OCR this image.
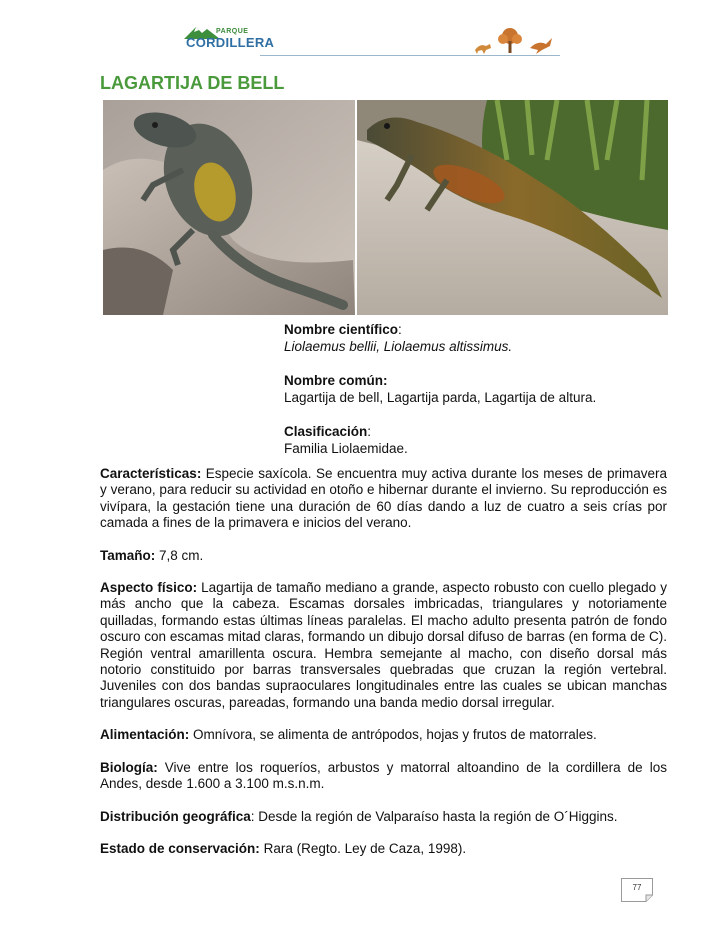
PARQUE
CORDILLERA
LAGARTIJA DE BELL
Nombre científico:
Liolaemus bellii, Liolaemus altissimus.
Nombre común:
Lagartija de bell, Lagartija parda, Lagartija de altura.
Clasificación:
Familia Liolaemidae.

Características: Especie saxícola. Se encuentra muy activa durante los meses de primavera y verano, para reducir su actividad en otoño e hibernar durante el invierno. Su reproducción es vivípara, la gestación tiene una duración de 60 días dando a luz de cuatro a seis crías por camada a fines de la primavera e inicios del verano.

Tamaño: 7,8 cm.

Aspecto físico: Lagartija de tamaño mediano a grande, aspecto robusto con cuello plegado y más ancho que la cabeza. Escamas dorsales imbricadas, triangulares y notoriamente quilladas, formando estas últimas líneas paralelas. El macho adulto presenta patrón de fondo oscuro con escamas mitad claras, formando un dibujo dorsal difuso de barras (en forma de C). Región ventral amarillenta oscura. Hembra semejante al macho, con diseño dorsal más notorio constituido por barras transversales quebradas que cruzan la región vertebral. Juveniles con dos bandas supraoculares longitudinales entre las cuales se ubican manchas triangulares oscuras, pareadas, formando una banda medio dorsal irregular.

Alimentación: Omnívora, se alimenta de antrópodos, hojas y frutos de matorrales.

Biología: Vive entre los roqueríos, arbustos y matorral altoandino de la cordillera de los Andes, desde 1.600 a 3.100 m.s.n.m.

Distribución geográfica: Desde la región de Valparaíso hasta la región de O´Higgins.

Estado de conservación: Rara (Regto. Ley de Caza, 1998).

77
